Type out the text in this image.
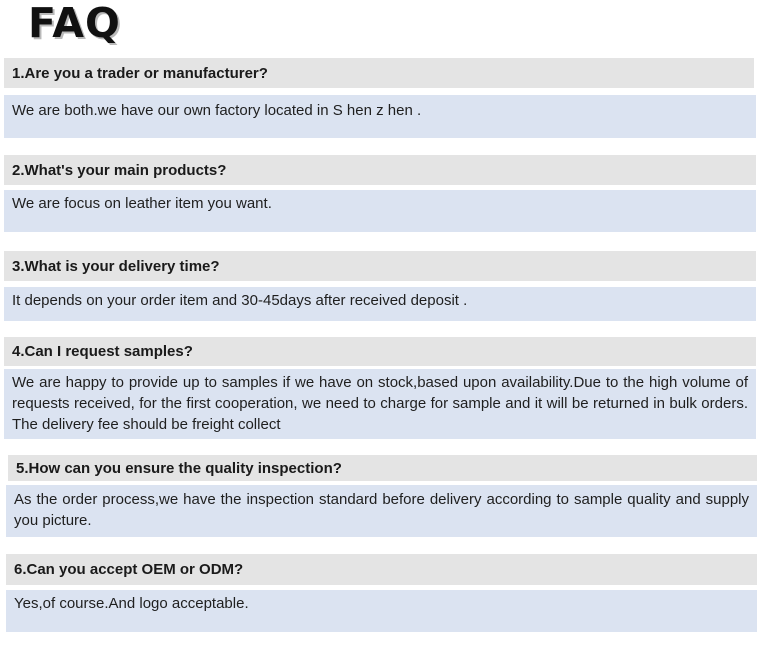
FAQ
1.Are you a trader or manufacturer?
We are both.we have our own factory located in S hen z hen .
2.What's your main products?
We are focus on leather item you want.
3.What is your delivery time?
It depends on your order item and 30-45days after received deposit .
4.Can I request samples?
We are happy to provide up to samples if we have on stock,based upon availability.Due to the high volume of requests received, for the first cooperation, we need to charge for sample and it will be returned in bulk orders. The delivery fee should be freight collect
5.How can you ensure the quality inspection?
As the order process,we have the inspection standard before delivery according to sample quality and supply you picture.
6.Can you accept OEM or ODM?
Yes,of course.And logo acceptable.
